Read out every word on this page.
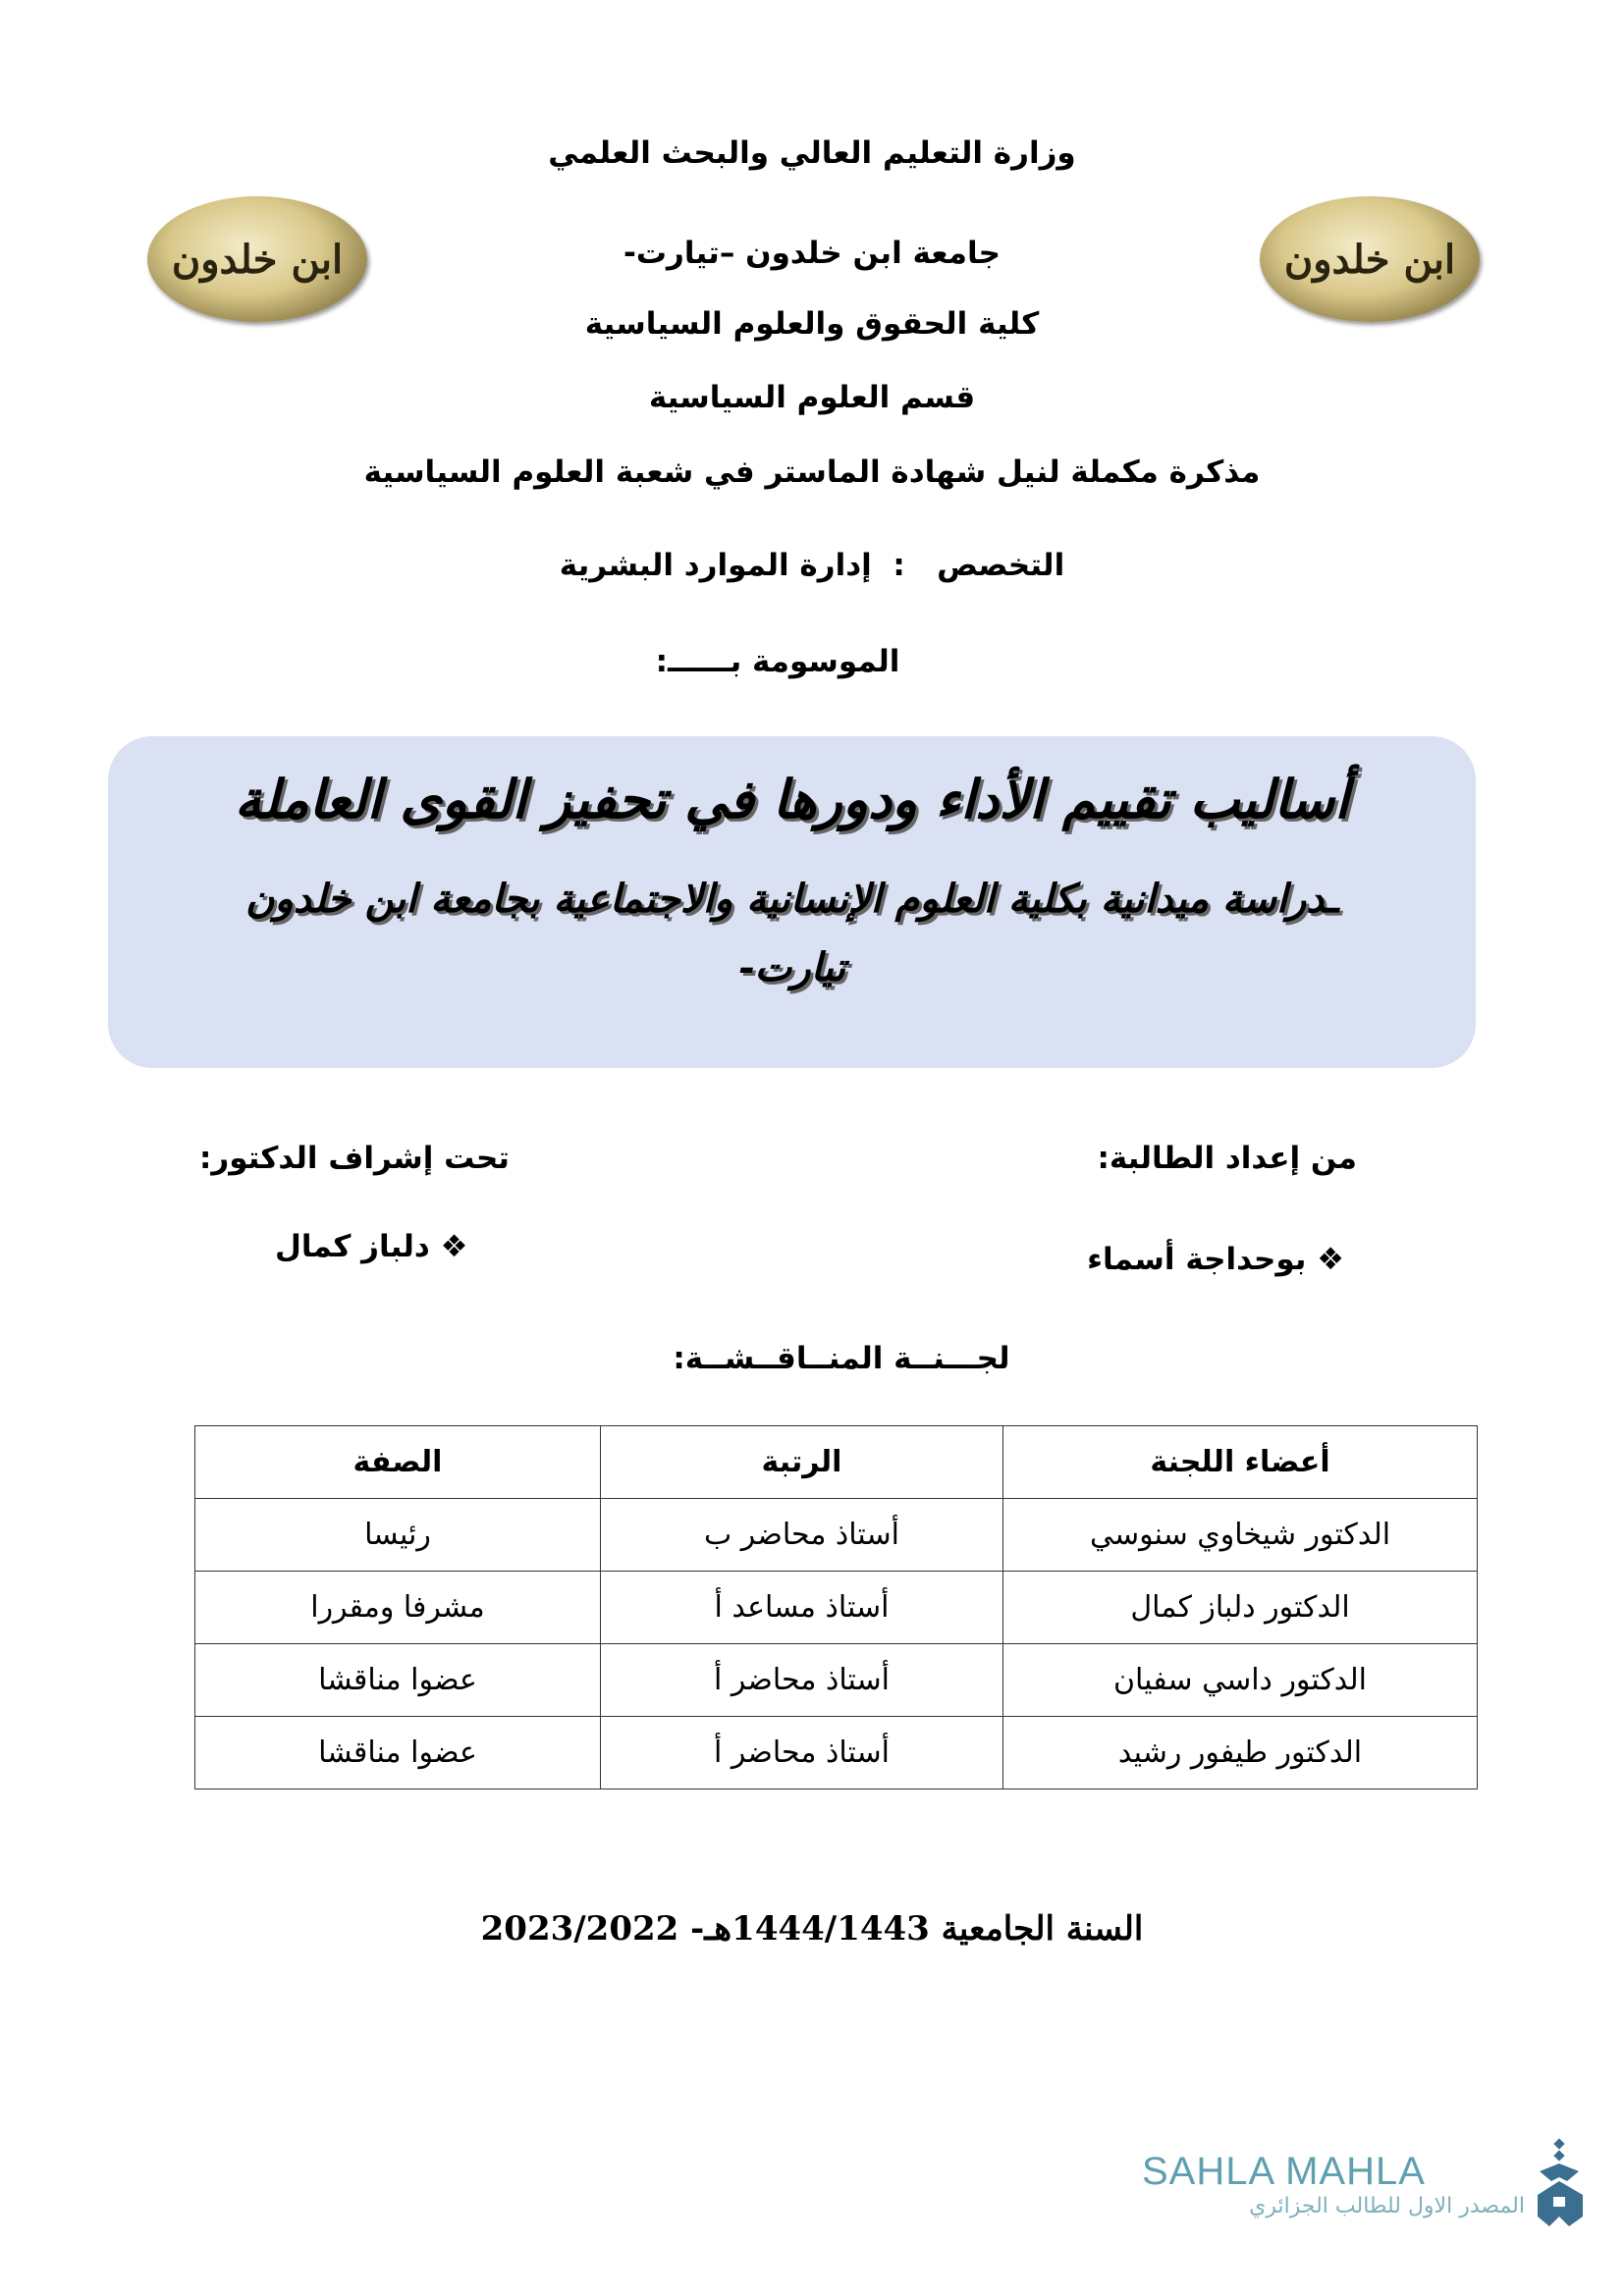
وزارة التعليم العالي والبحث العلمي
ابن خلدون	ابن خلدون
جامعة ابن خلدون –تيارت-
كلية الحقوق والعلوم السياسية
قسم العلوم السياسية
مذكرة مكملة لنيل شهادة الماستر في شعبة العلوم السياسية
التخصص   :  إدارة الموارد البشرية
الموسومة بــــــ:
أساليب تقييم الأداء ودورها في تحفيز القوى العاملة
ـدراسة ميدانية بكلية العلوم الإنسانية والاجتماعية بجامعة ابن خلدون
تيارت-
من إعداد الطالبة:
❖ بوحداجة أسماء
تحت إشراف الدكتور:
❖ دلباز كمال
لجـــنــة المنــاقــشــة:
أعضاء اللجنة	الرتبة	الصفة
الدكتور شيخاوي سنوسي	أستاذ محاضر ب	رئيسا
الدكتور دلباز كمال	أستاذ مساعد أ	مشرفا ومقررا
الدكتور داسي سفيان	أستاذ محاضر أ	عضوا مناقشا
الدكتور طيفور رشيد	أستاذ محاضر أ	عضوا مناقشا
السنة الجامعية 1444/1443هـ- 2023/2022
SAHLA MAHLA
المصدر الاول للطالب الجزائري
